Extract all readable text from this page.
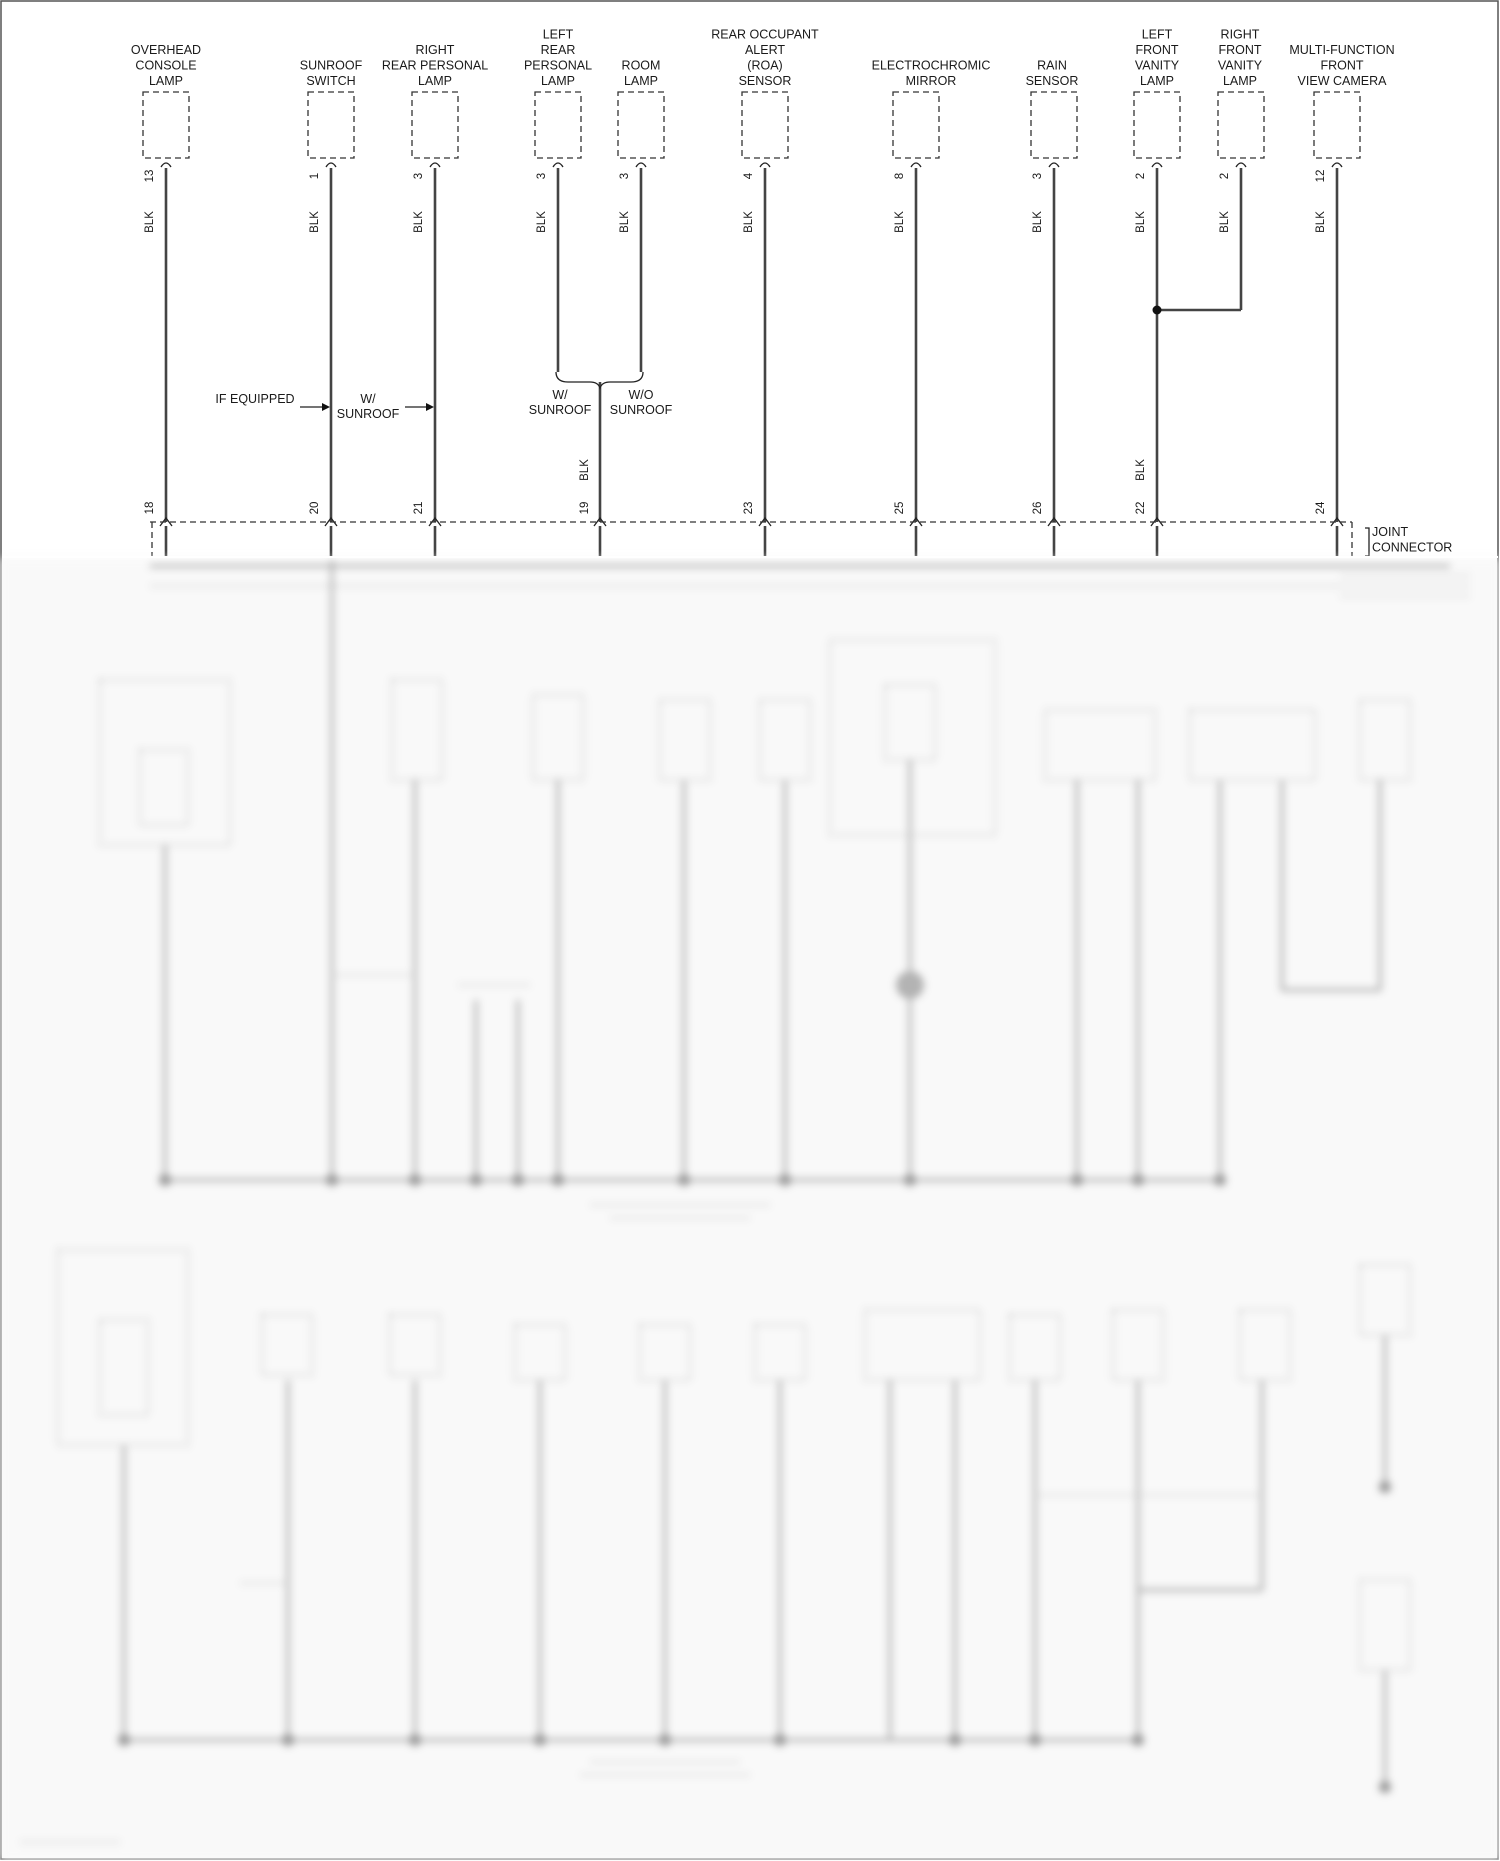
OVERHEAD CONSOLE LAMP
13
BLK
SUNROOF SWITCH
1
BLK
RIGHT REAR PERSONAL LAMP
3
BLK
LEFT REAR PERSONAL LAMP
3
BLK
ROOM LAMP
3
BLK
REAR OCCUPANT ALERT (ROA) SENSOR
4
BLK
ELECTROCHROMIC MIRROR
8
BLK
RAIN SENSOR
3
BLK
LEFT FRONT VANITY LAMP
2
BLK
RIGHT FRONT VANITY LAMP
2
BLK
MULTI-FUNCTION FRONT VIEW CAMERA
12
BLK
IF EQUIPPED	W/ SUNROOF
W/ SUNROOF
W/O SUNROOF
BLK
19
BLK
18	20	21	23	25	26	22	24
JOINT CONNECTOR
